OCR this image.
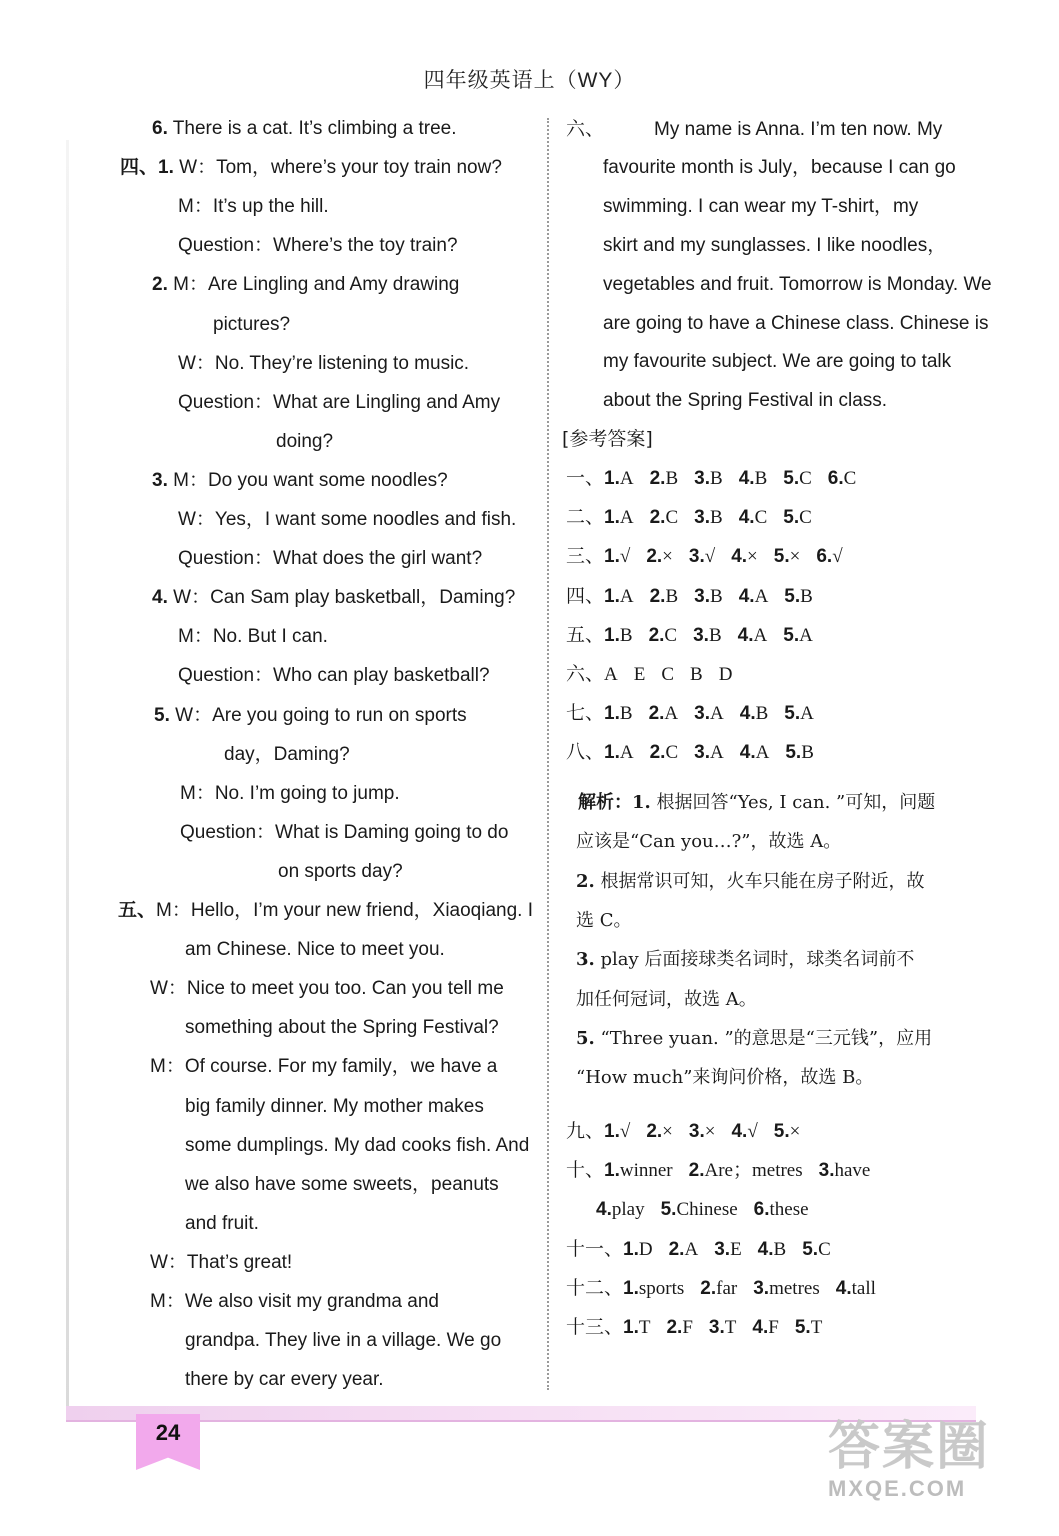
四年级英语上（WY）
6. There is a cat. It’s climbing a tree.
四、1. W：Tom，where’s your toy train now?
M：It’s up the hill.
Question：Where’s the toy train?
2. M：Are Lingling and Amy drawing
pictures?
W：No. They’re listening to music.
Question：What are Lingling and Amy
doing?
3. M：Do you want some noodles?
W：Yes，I want some noodles and fish.
Question：What does the girl want?
4. W：Can Sam play basketball，Daming?
M：No. But I can.
Question：Who can play basketball?
5. W：Are you going to run on sports
day，Daming?
M：No. I’m going to jump.
Question：What is Daming going to do
on sports day?
五、M：Hello，I’m your new friend，Xiaoqiang. I
am Chinese. Nice to meet you.
W：Nice to meet you too. Can you tell me
something about the Spring Festival?
M：Of course. For my family，we have a
big family dinner. My mother makes
some dumplings. My dad cooks fish. And
we also have some sweets，peanuts
and fruit.
W：That’s great!
M：We also visit my grandma and
grandpa. They live in a village. We go
there by car every year.
[参考答案]
六、	My name is Anna. I’m ten now. My
favourite month is July，because I can go
swimming. I can wear my T-shirt，my
skirt and my sunglasses. I like noodles，
vegetables and fruit. Tomorrow is Monday. We
are going to have a Chinese class. Chinese is
my favourite subject. We are going to talk
about the Spring Festival in class.
一、1.A 2.B 3.B 4.B 5.C 6.C
二、1.A 2.C 3.B 4.C 5.C
三、1.√ 2.× 3.√ 4.× 5.× 6.√
四、1.A 2.B 3.B 4.A 5.B
五、1.B 2.C 3.B 4.A 5.A
六、A E C B D
七、1.B 2.A 3.A 4.B 5.A
八、1.A 2.C 3.A 4.A 5.B
解析：1. 根据回答“Yes, I can. ”可知，问题
应该是“Can you…?”，故选 A。
2. 根据常识可知，火车只能在房子附近，故
选 C。
3. play 后面接球类名词时，球类名词前不
加任何冠词，故选 A。
5. “Three yuan. ”的意思是“三元钱”，应用
“How much”来询问价格，故选 B。
九、1.√ 2.× 3.× 4.√ 5.×
十、1.winner 2.Are；metres 3.have
4.play 5.Chinese 6.these
十一、1.D 2.A 3.E 4.B 5.C
十二、1.sports 2.far 3.metres 4.tall
十三、1.T 2.F 3.T 4.F 5.T
24	答案圈
MXQE.COM
